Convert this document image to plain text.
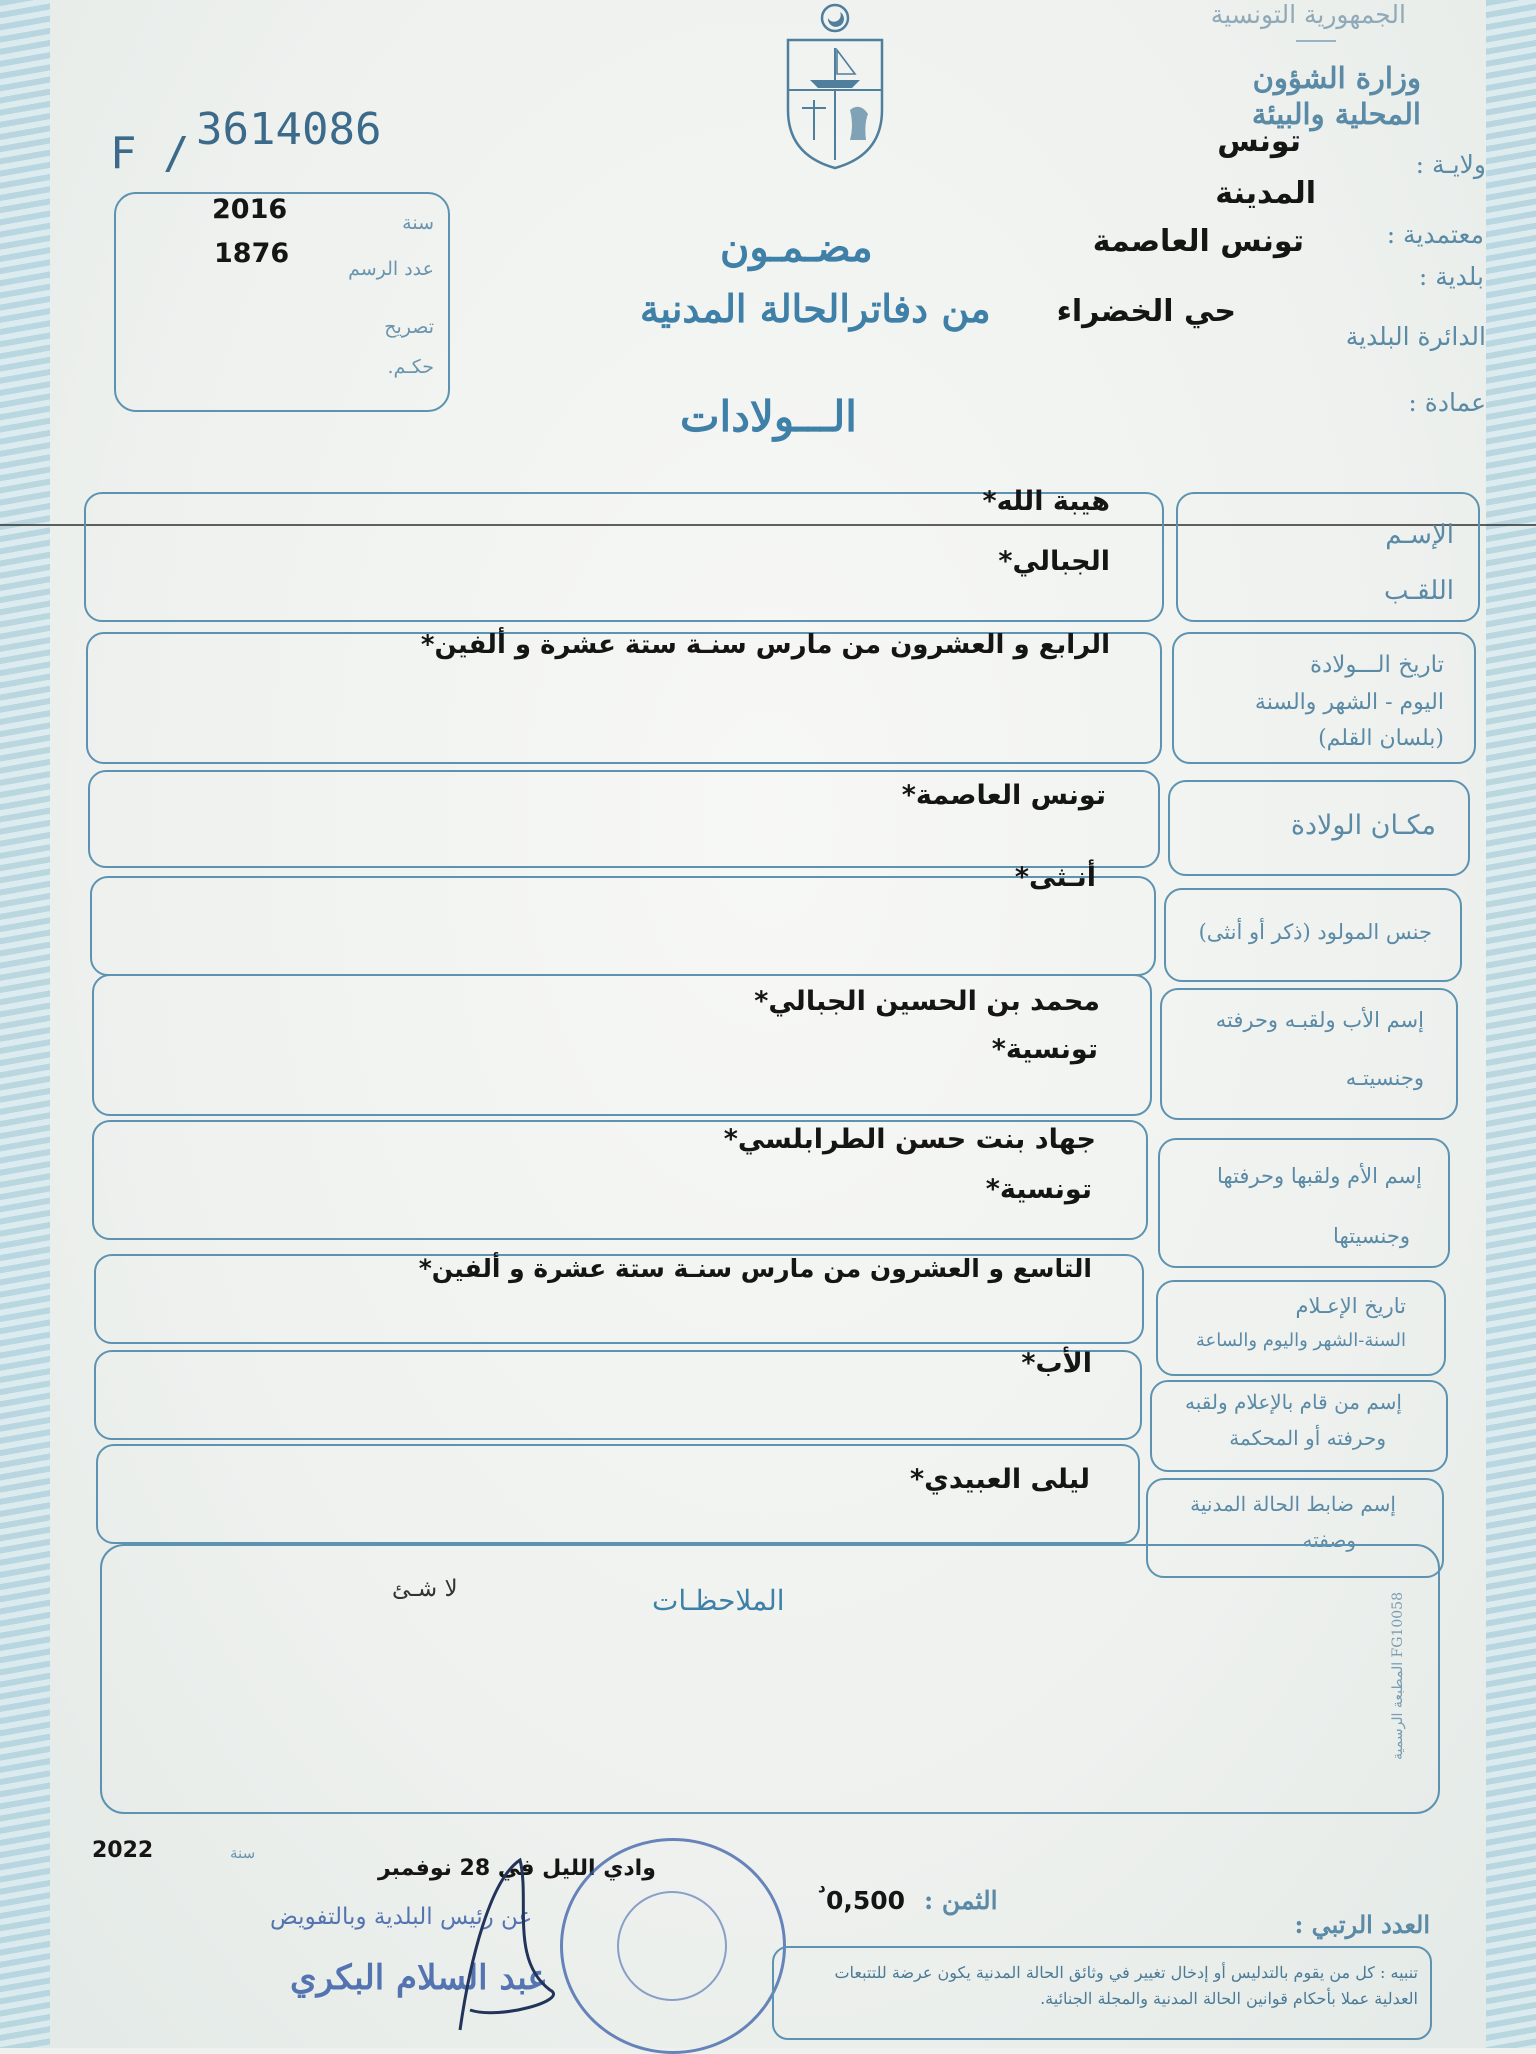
الجمهورية التونسية
وزارة الشؤون المحلية والبيئة
ولايـة :
تونس
المدينة
معتمدية :
تونس العاصمة
بلدية :
الدائرة البلدية
حي الخضراء
عمادة :
F / 3614086
سنة
2016
عدد الرسم
1876
تصريح
حكـم.
مضـمـون
من دفاترالحالة المدنية
الـــولادات
الإسـم
اللقـب
هيبة الله*
الجبالي*
تاريخ الـــولادة
اليوم - الشهر والسنة
(بلسان القلم)
الرابع و العشرون من مارس سنـة ستة عشرة و ألفين*
مكـان الولادة
تونس العاصمة*
جنس المولود (ذكر أو أنثى)
أنـثى*
إسم الأب ولقبـه وحرفته
وجنسيتـه
محمد بن الحسين الجبالي*
تونسية*
إسم الأم ولقبها وحرفتها
وجنسيتها
جهاد بنت حسن الطرابلسي*
تونسية*
تاريخ الإعـلام
السنة-الشهر واليوم والساعة
التاسع و العشرون من مارس سنـة ستة عشرة و ألفين*
إسم من قام بالإعلام ولقبه
وحرفته أو المحكمة
الأب*
إسم ضابط الحالة المدنية
وصفته
ليلى العبيدي*
الملاحظـات
لا شـئ
المطبعة الرسمية FG10058
2022	سنة
وادي الليل في 28 نوفمبر
الثمن :
0,500
د
العدد الرتبي :
عن رئيس البلدية وبالتفويض
عبد السلام البكري	تنبيه : كل من يقوم بالتدليس أو إدخال تغيير في وثائق الحالة المدنية يكون عرضة للتتبعات العدلية عملا بأحكام قوانين الحالة المدنية والمجلة الجنائية.
